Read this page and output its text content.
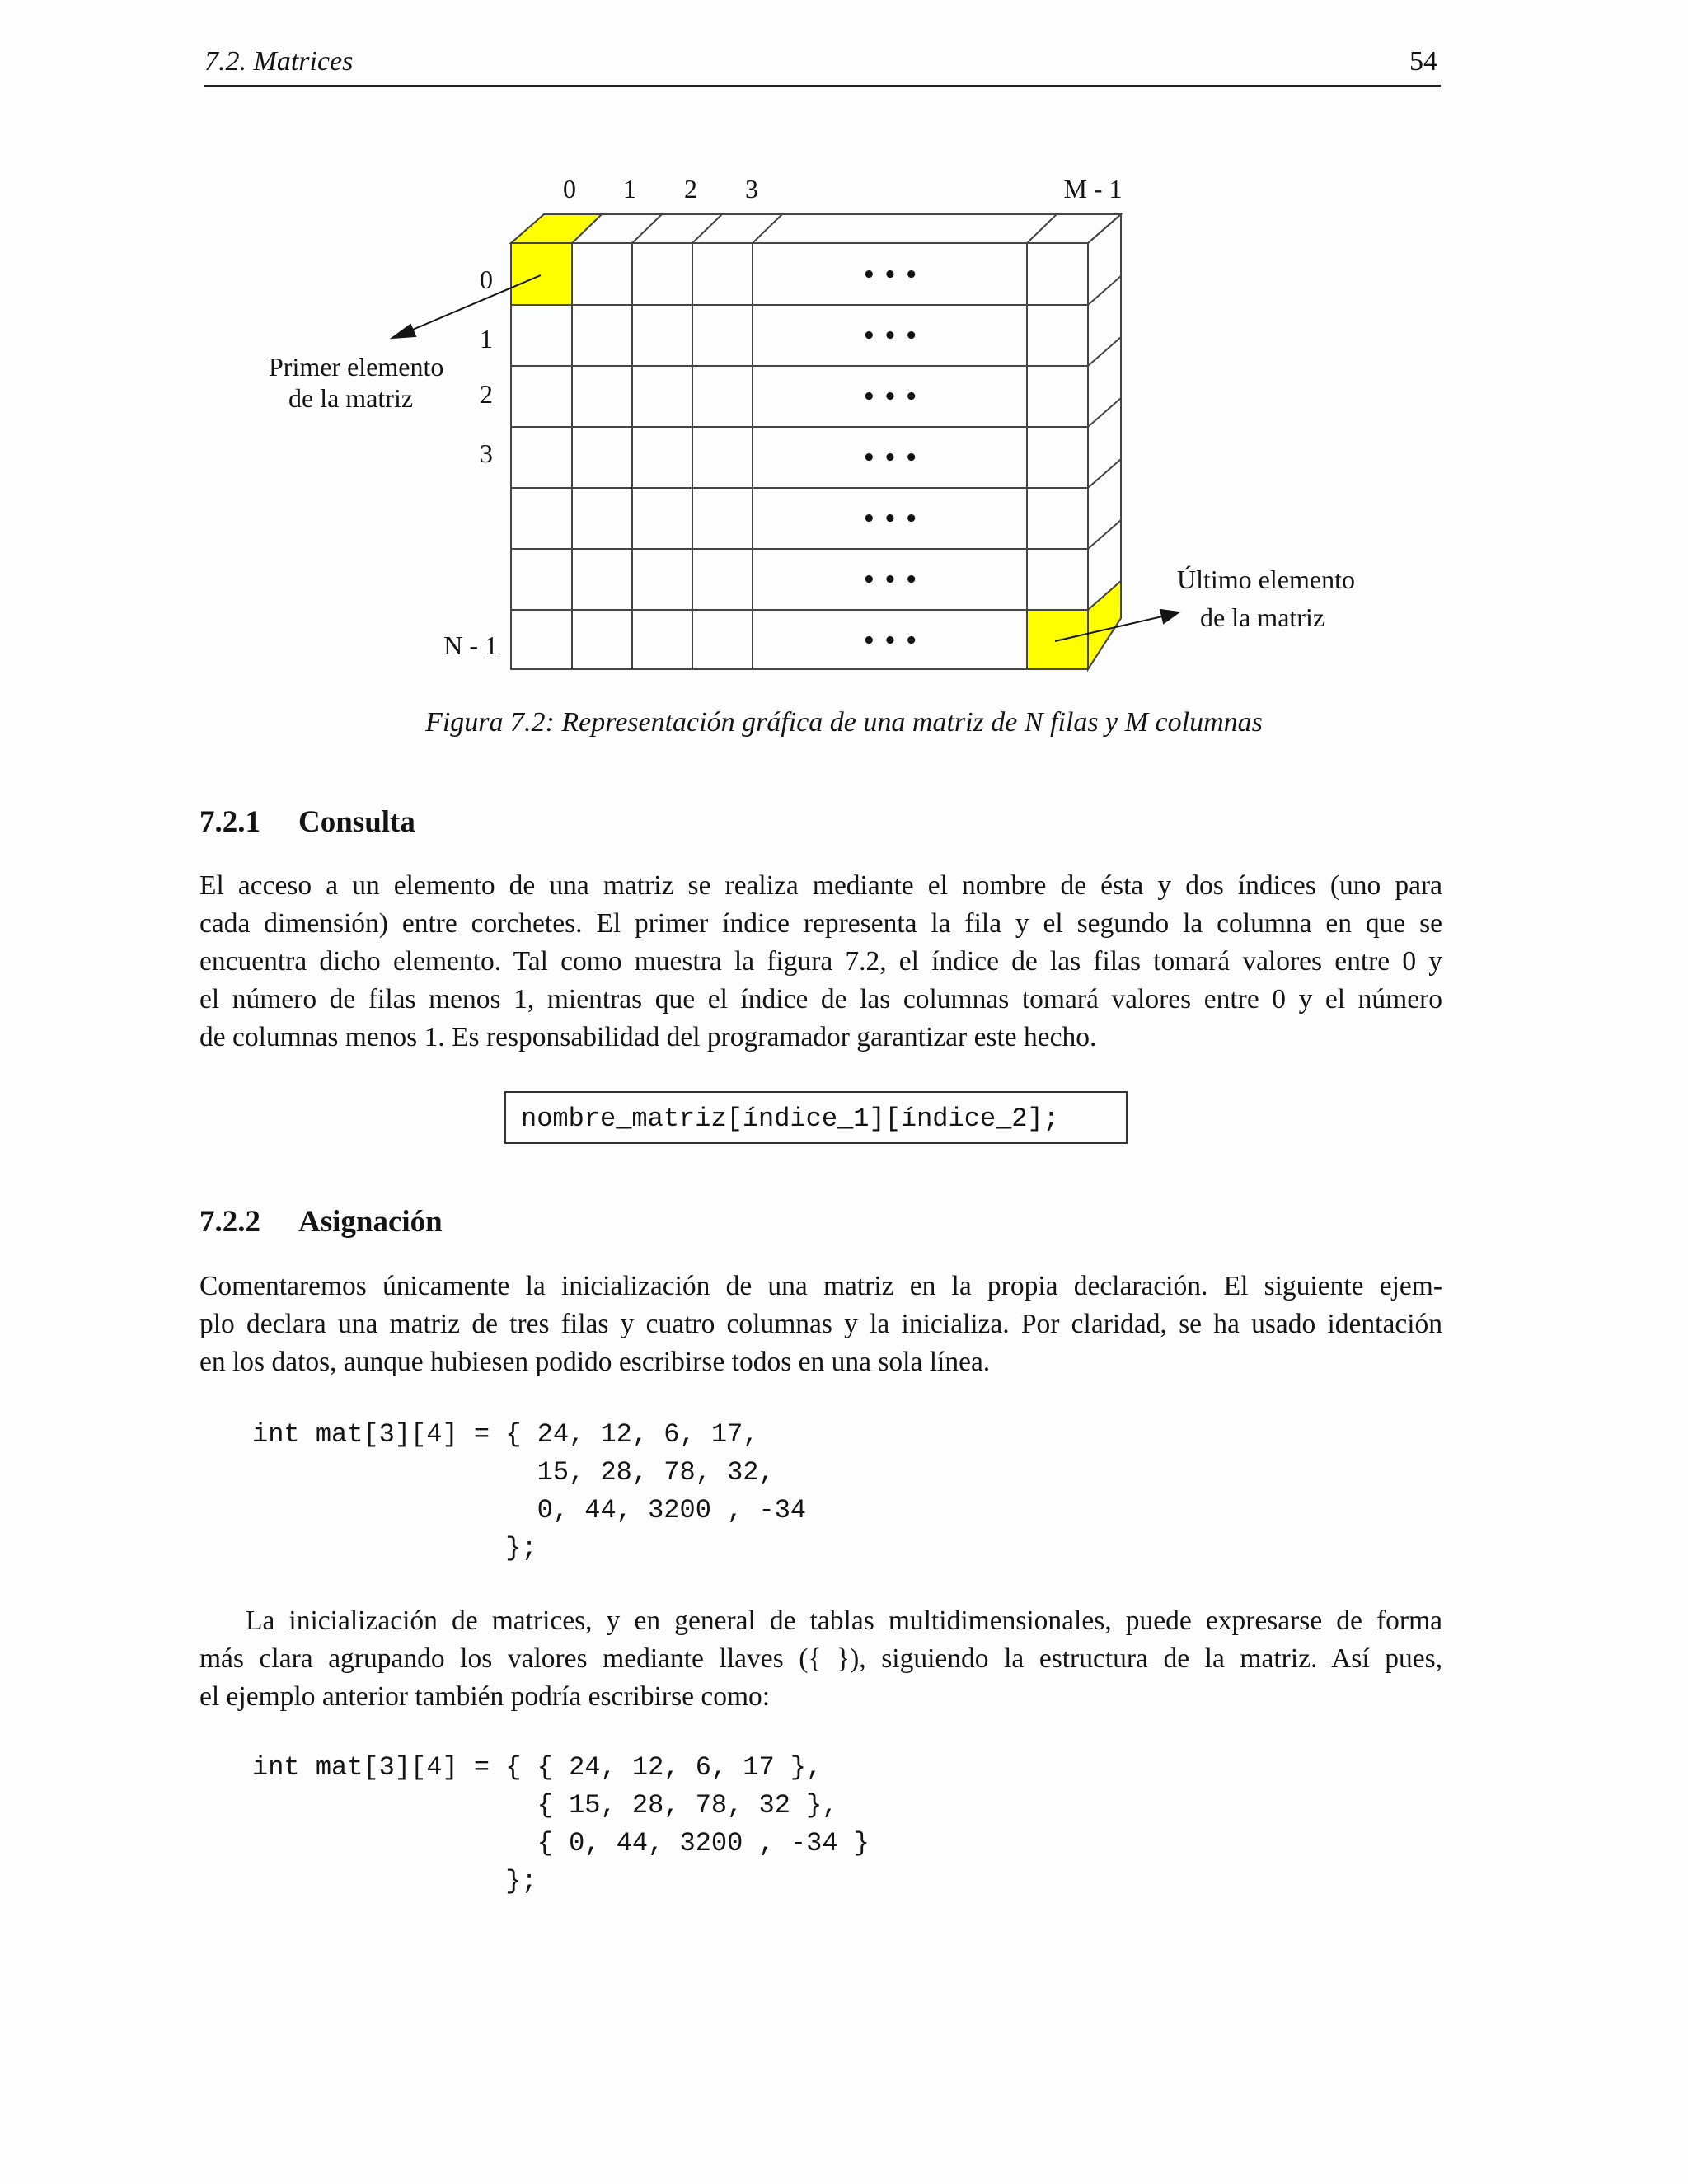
7.2. Matrices	54
0 1 2 3	M - 1
0
1
2
3
N - 1
• • •
• • •
• • •
• • •
• • •
• • •
• • •
Primer elemento
de la matriz
Último elemento
de la matriz
Figura 7.2: Representación gráfica de una matriz de N filas y M columnas
7.2.1 Consulta

El acceso a un elemento de una matriz se realiza mediante el nombre de ésta y dos índices (uno para
cada dimensión) entre corchetes. El primer índice representa la fila y el segundo la columna en que se
encuentra dicho elemento. Tal como muestra la figura 7.2, el índice de las filas tomará valores entre 0 y
el número de filas menos 1, mientras que el índice de las columnas tomará valores entre 0 y el número
de columnas menos 1. Es responsabilidad del programador garantizar este hecho.

nombre_matriz[índice_1][índice_2];
7.2.2 Asignación

Comentaremos únicamente la inicialización de una matriz en la propia declaración. El siguiente ejem-
plo declara una matriz de tres filas y cuatro columnas y la inicializa. Por claridad, se ha usado identación
en los datos, aunque hubiesen podido escribirse todos en una sola línea.

int mat[3][4] = { 24, 12, 6, 17,
15, 28, 78, 32,
0, 44, 3200 , -34
};

La inicialización de matrices, y en general de tablas multidimensionales, puede expresarse de forma
más clara agrupando los valores mediante llaves ({ }), siguiendo la estructura de la matriz. Así pues,
el ejemplo anterior también podría escribirse como:

int mat[3][4] = { { 24, 12, 6, 17 },
{ 15, 28, 78, 32 },
{ 0, 44, 3200 , -34 }
};
